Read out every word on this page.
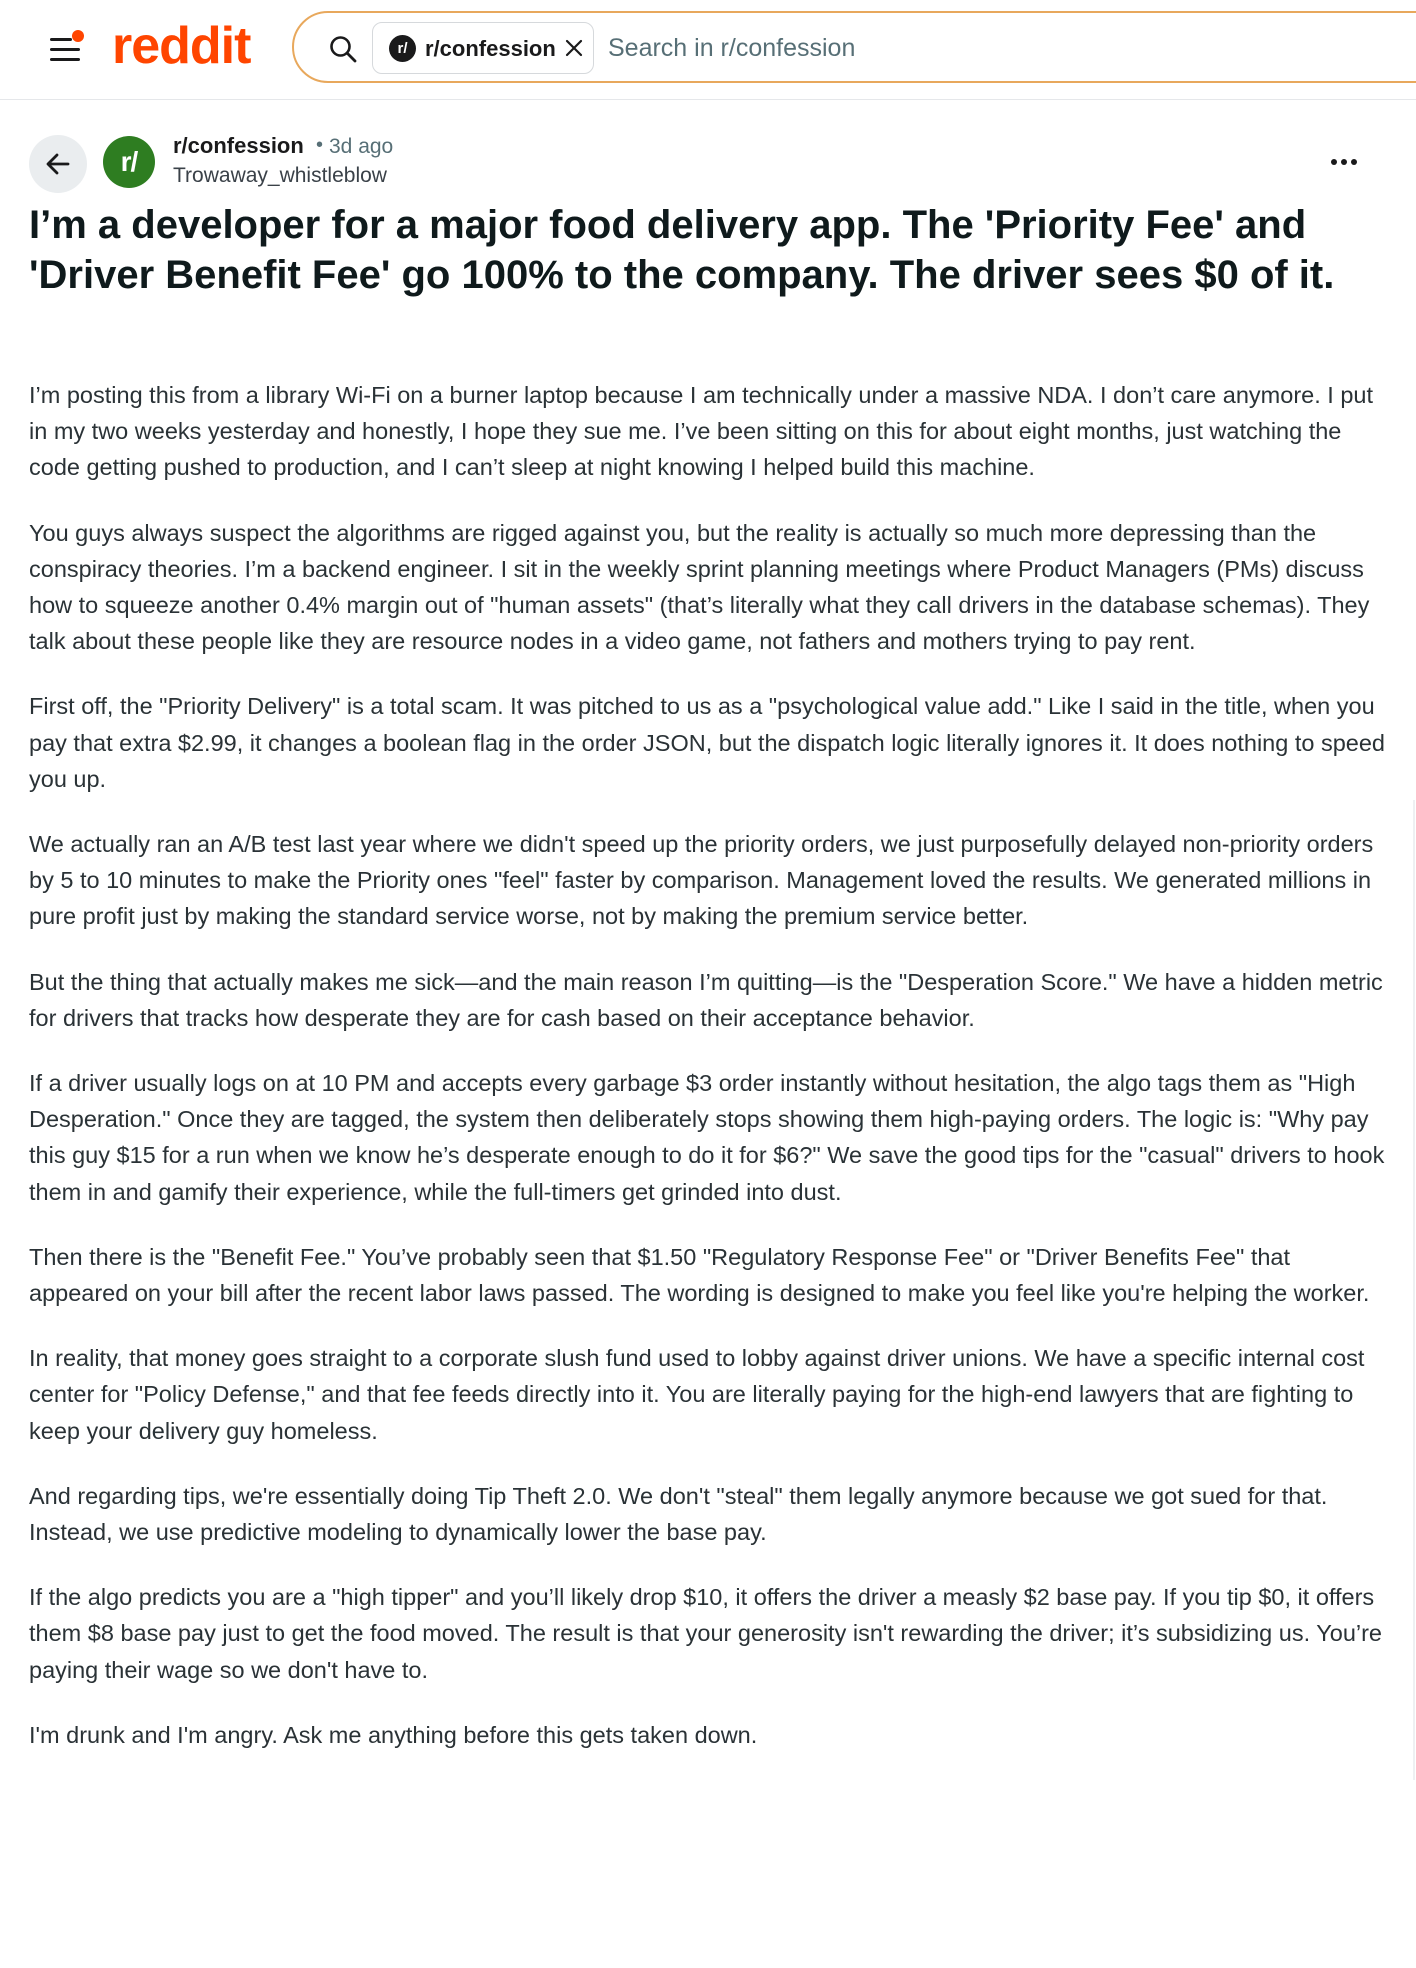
reddit	r/ r/confession
Search in r/confession
r/
r/confession • 3d ago
Trowaway_whistleblow
I’m a developer for a major food delivery app. The 'Priority Fee' and 'Driver Benefit Fee' go 100% to the company. The driver sees $0 of it.

I’m posting this from a library Wi-Fi on a burner laptop because I am technically under a massive NDA. I don’t care anymore. I put in my two weeks yesterday and honestly, I hope they sue me. I’ve been sitting on this for about eight months, just watching the code getting pushed to production, and I can’t sleep at night knowing I helped build this machine.

You guys always suspect the algorithms are rigged against you, but the reality is actually so much more depressing than the conspiracy theories. I’m a backend engineer. I sit in the weekly sprint planning meetings where Product Managers (PMs) discuss how to squeeze another 0.4% margin out of "human assets" (that’s literally what they call drivers in the database schemas). They talk about these people like they are resource nodes in a video game, not fathers and mothers trying to pay rent.

First off, the "Priority Delivery" is a total scam. It was pitched to us as a "psychological value add." Like I said in the title, when you pay that extra $2.99, it changes a boolean flag in the order JSON, but the dispatch logic literally ignores it. It does nothing to speed you up.

We actually ran an A/B test last year where we didn't speed up the priority orders, we just purposefully delayed non-priority orders by 5 to 10 minutes to make the Priority ones "feel" faster by comparison. Management loved the results. We generated millions in pure profit just by making the standard service worse, not by making the premium service better.

But the thing that actually makes me sick—and the main reason I’m quitting—is the "Desperation Score." We have a hidden metric for drivers that tracks how desperate they are for cash based on their acceptance behavior.

If a driver usually logs on at 10 PM and accepts every garbage $3 order instantly without hesitation, the algo tags them as "High Desperation." Once they are tagged, the system then deliberately stops showing them high-paying orders. The logic is: "Why pay this guy $15 for a run when we know he’s desperate enough to do it for $6?" We save the good tips for the "casual" drivers to hook them in and gamify their experience, while the full-timers get grinded into dust.

Then there is the "Benefit Fee." You’ve probably seen that $1.50 "Regulatory Response Fee" or "Driver Benefits Fee" that appeared on your bill after the recent labor laws passed. The wording is designed to make you feel like you're helping the worker.

In reality, that money goes straight to a corporate slush fund used to lobby against driver unions. We have a specific internal cost center for "Policy Defense," and that fee feeds directly into it. You are literally paying for the high-end lawyers that are fighting to keep your delivery guy homeless.

And regarding tips, we're essentially doing Tip Theft 2.0. We don't "steal" them legally anymore because we got sued for that. Instead, we use predictive modeling to dynamically lower the base pay.

If the algo predicts you are a "high tipper" and you’ll likely drop $10, it offers the driver a measly $2 base pay. If you tip $0, it offers them $8 base pay just to get the food moved. The result is that your generosity isn't rewarding the driver; it’s subsidizing us. You’re paying their wage so we don't have to.

I'm drunk and I'm angry. Ask me anything before this gets taken down.
